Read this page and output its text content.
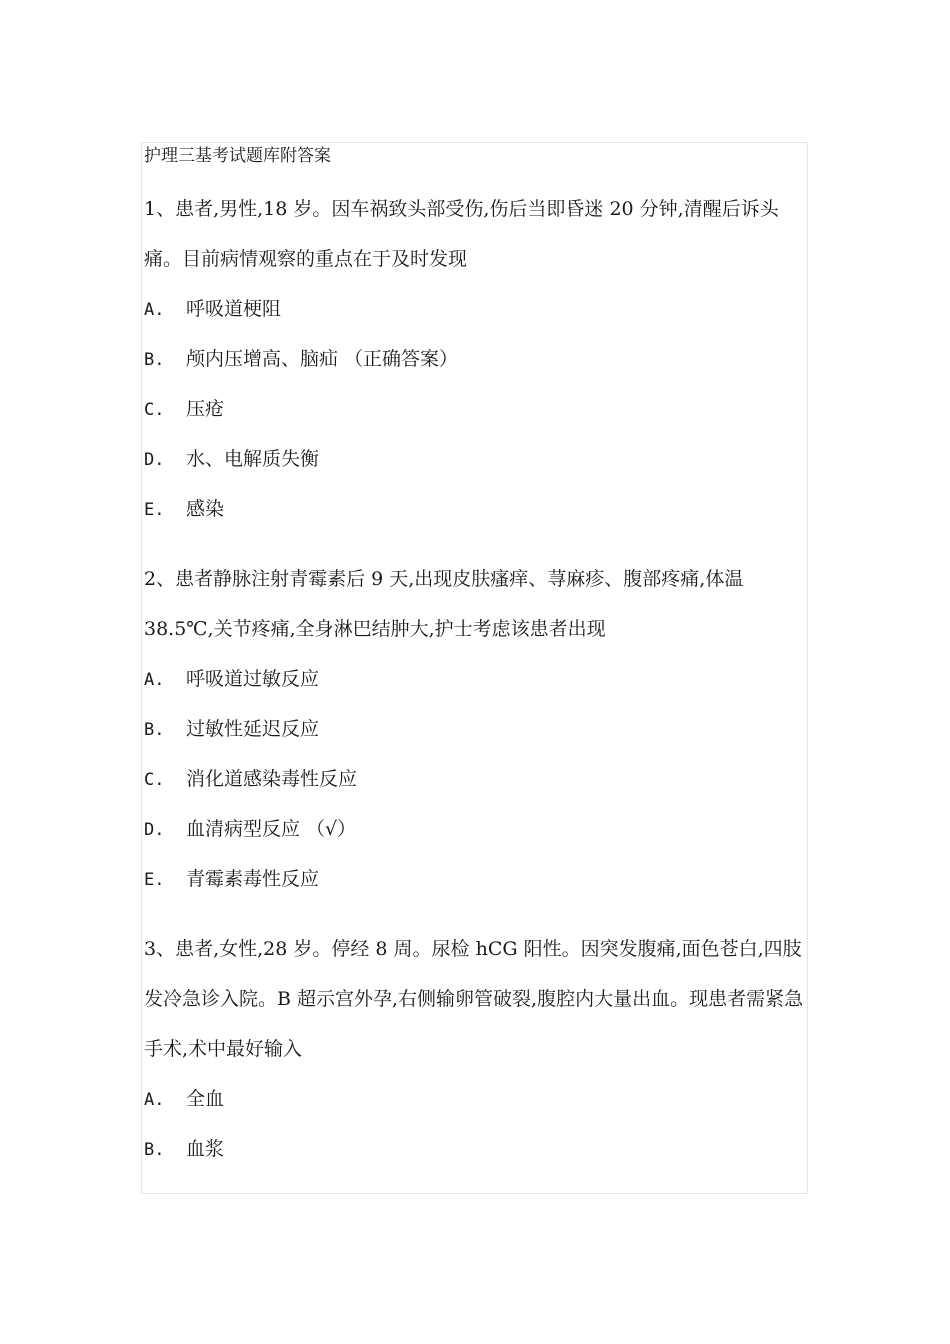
护理三基考试题库附答案

1、患者,男性,18 岁。因车祸致头部受伤,伤后当即昏迷 20 分钟,清醒后诉头痛。目前病情观察的重点在于及时发现

A. 呼吸道梗阻
B. 颅内压增高、脑疝 （正确答案）
C. 压疮
D. 水、电解质失衡
E. 感染

2、患者静脉注射青霉素后 9 天,出现皮肤瘙痒、荨麻疹、腹部疼痛,体温 38.5℃,关节疼痛,全身淋巴结肿大,护士考虑该患者出现

A. 呼吸道过敏反应
B. 过敏性延迟反应
C. 消化道感染毒性反应
D. 血清病型反应 （√）
E. 青霉素毒性反应

3、患者,女性,28 岁。停经 8 周。尿检 hCG 阳性。因突发腹痛,面色苍白,四肢发冷急诊入院。B 超示宫外孕,右侧输卵管破裂,腹腔内大量出血。现患者需紧急手术,术中最好输入

A. 全血
B. 血浆
